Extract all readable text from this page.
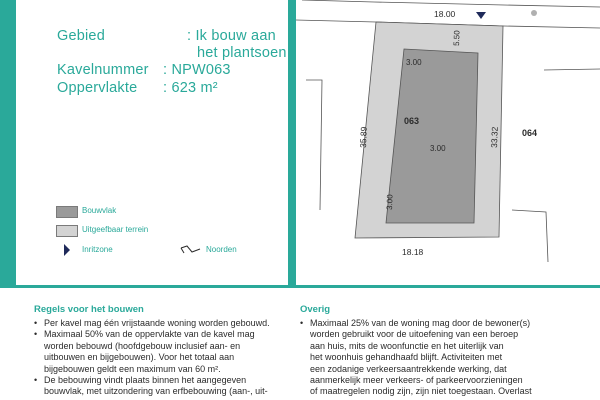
Gebied	: Ik bouw aan
het plantsoen
Kavelnummer : NPW063
Oppervlakte : 623 m²
Bouwvlak
Uitgeefbaar terrein
Inritzone	Noorden
18.00
5.50
3.00
063
35.89	33.32
3.00
3.00
18.18
064
Regels voor het bouwen
• Per kavel mag één vrijstaande woning worden gebouwd.
• Maximaal 50% van de oppervlakte van de kavel mag
worden bebouwd (hoofdgebouw inclusief aan- en
uitbouwen en bijgebouwen). Voor het totaal aan
bijgebouwen geldt een maximum van 60 m².
• De bebouwing vindt plaats binnen het aangegeven
bouwvlak, met uitzondering van erfbebouwing (aan-, uit-
Overig
• Maximaal 25% van de woning mag door de bewoner(s)
worden gebruikt voor de uitoefening van een beroep
aan huis, mits de woonfunctie en het uiterlijk van
het woonhuis gehandhaafd blijft. Activiteiten met
een zodanige verkeersaantrekkende werking, dat
aanmerkelijk meer verkeers- of parkeervoorzieningen
of maatregelen nodig zijn, zijn niet toegestaan. Overlast
